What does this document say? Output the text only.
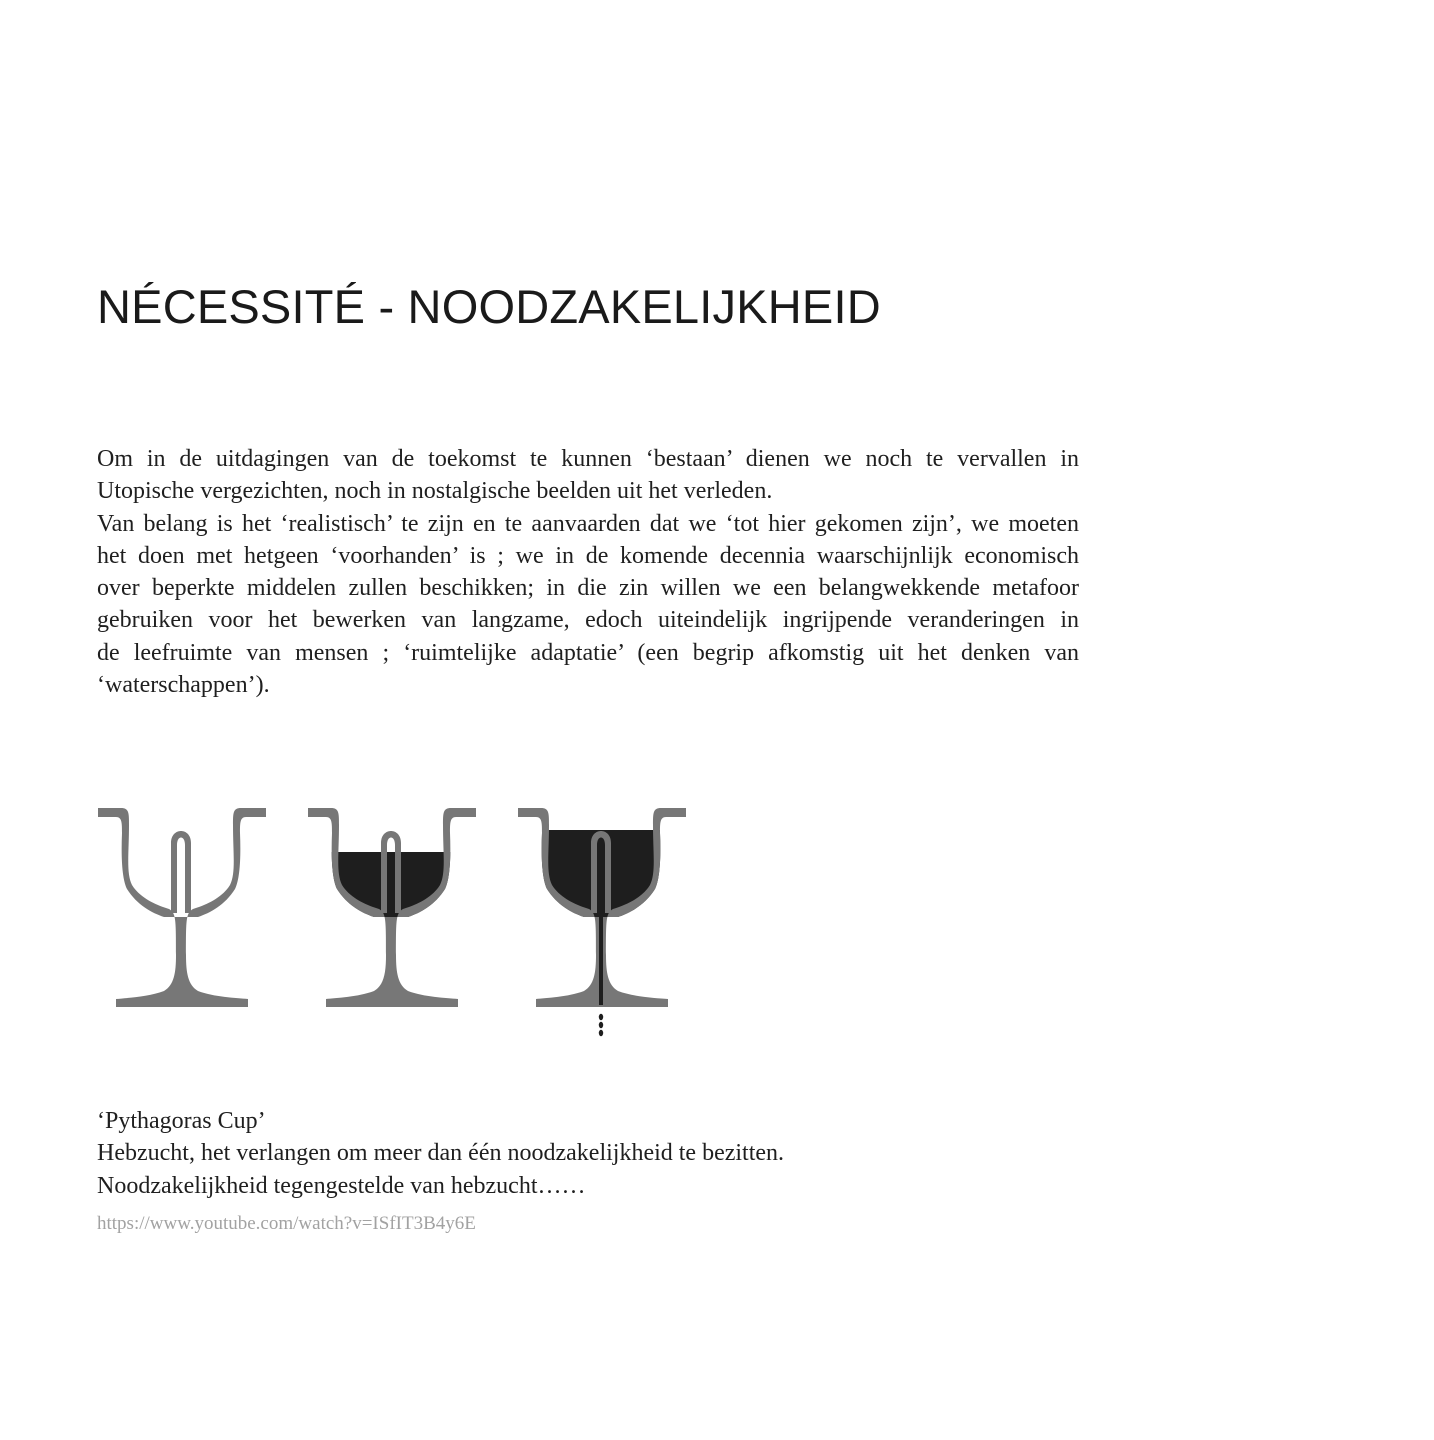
NÉCESSITÉ - NOODZAKELIJKHEID
Om in de uitdagingen van de toekomst te kunnen ‘bestaan’ dienen we noch te vervallen in
Utopische vergezichten, noch in nostalgische beelden uit het verleden.
Van belang is het ‘realistisch’ te zijn en te aanvaarden dat we ‘tot hier gekomen zijn’, we moeten
het doen met hetgeen ‘voorhanden’ is ; we in de komende decennia waarschijnlijk economisch
over beperkte middelen zullen beschikken; in die zin willen we een belangwekkende metafoor
gebruiken voor het bewerken van langzame, edoch uiteindelijk ingrijpende veranderingen in
de leefruimte van mensen ; ‘ruimtelijke adaptatie’ (een begrip afkomstig uit het denken van
‘waterschappen’).
‘Pythagoras Cup’
Hebzucht, het verlangen om meer dan één noodzakelijkheid te bezitten.
Noodzakelijkheid tegengestelde van hebzucht……
https://www.youtube.com/watch?v=ISfIT3B4y6E
